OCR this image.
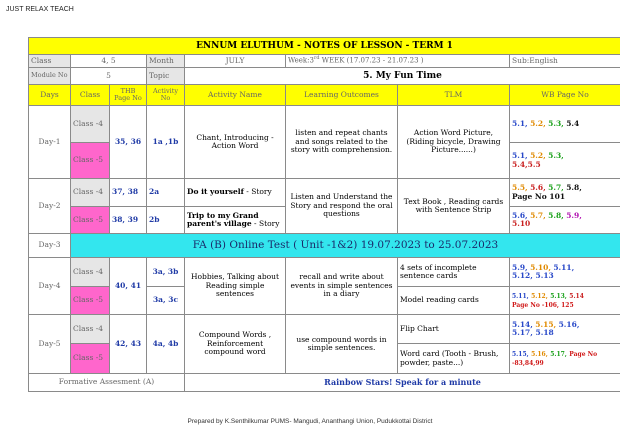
JUST RELAX TEACH
ENNUM ELUTHUM - NOTES OF LESSON - TERM 1							
Class	4, 5		Month	JULY	Week:3rd WEEK (17.07.23 - 21.07.23 )		Sub:English
Module No	5		Topic	5. My Fun Time			
Days	Class	THB Page No	Activity No	Activity Name	Learning Outcomes	TLM	WB Page No
Day-1	Class -4	35, 36	1a ,1b	Chant, Introducing - Action Word	listen and repeat chants and songs related to the story with comprehension.	Action Word Picture, (Riding bicycle, Drawing Picture......)	5.1, 5.2, 5.3, 5.4
	Class -5						5.1, 5.2, 5.3,
5.4,5.5
Day-2	Class -4	37, 38	2a	Do it yourself - Story	Listen and Understand the Story and respond the oral questions	Text Book , Reading cards with Sentence Strip	5.5, 5.6, 5.7, 5.8,
Page No 101
	Class -5	38, 39	2b	Trip to my Grand parent's village - Story			5.6, 5.7, 5.8, 5.9,
5.10
Day-3	FA (B) Online Test ( Unit -1&2) 19.07.2023 to 25.07.2023						
Day-4	Class -4	40, 41	3a, 3b	Hobbies, Talking about Reading simple sentences	recall and write about events in simple sentences in a diary	4 sets of incomplete sentence cards	5.9, 5.10, 5.11,
5.12, 5.13
	Class -5		3a, 3c			Model reading cards	5.11, 5.12, 5.13, 5.14
Page No -106, 125
Day-5	Class -4	42, 43	4a, 4b	Compound Words , Reinforcement compound word	use compound words in simple sentences.	Flip Chart	5.14, 5.15, 5.16,
5.17, 5.18
	Class -5					Word card (Tooth - Brush, powder, paste...)	5.15, 5.16, 5.17, Page No -83,84,99
Formative Assesment (A)				Rainbow Stars! Speak for a minute			
Prepared by K.Senthilkumar PUMS- Mangudi, Ananthangi Union, Pudukkottai District
